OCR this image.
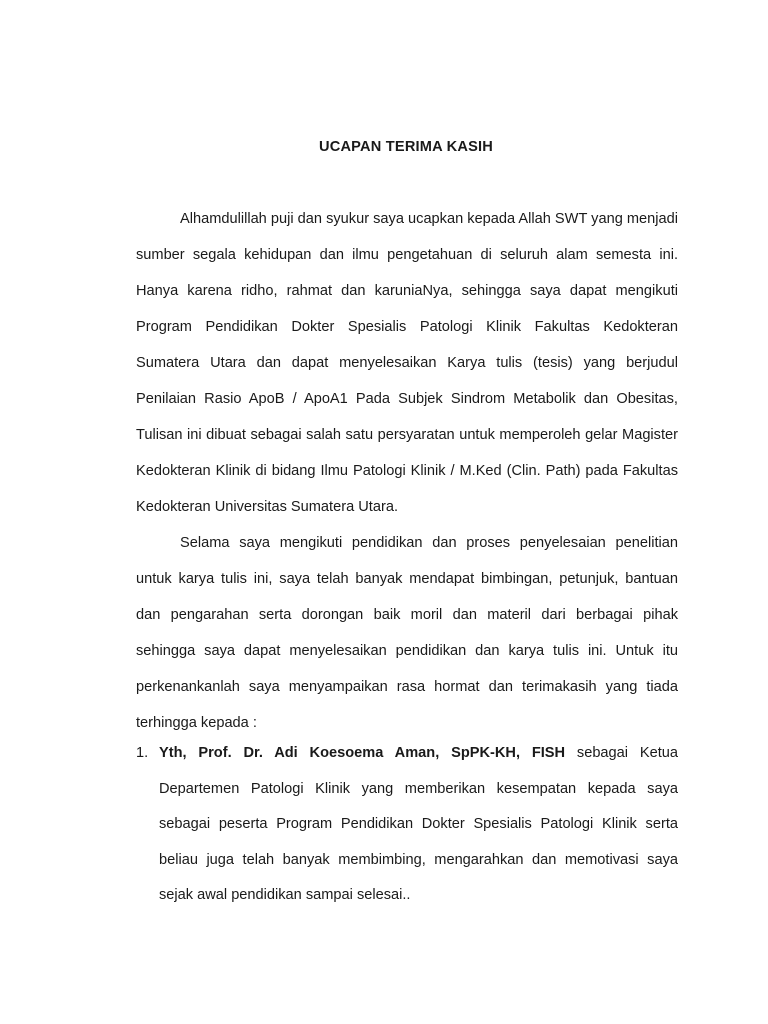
UCAPAN TERIMA KASIH

Alhamdulillah puji dan syukur saya ucapkan kepada Allah SWT yang menjadi sumber segala kehidupan dan ilmu pengetahuan di seluruh alam semesta ini. Hanya karena ridho, rahmat dan karuniaNya, sehingga saya dapat mengikuti Program Pendidikan Dokter Spesialis Patologi Klinik Fakultas Kedokteran Sumatera Utara dan dapat menyelesaikan Karya tulis (tesis) yang berjudul Penilaian Rasio ApoB / ApoA1 Pada Subjek Sindrom Metabolik dan Obesitas, Tulisan ini dibuat sebagai salah satu persyaratan untuk memperoleh gelar Magister Kedokteran Klinik di bidang Ilmu Patologi Klinik / M.Ked (Clin. Path) pada Fakultas Kedokteran Universitas Sumatera Utara.

Selama saya mengikuti pendidikan dan proses penyelesaian penelitian untuk karya tulis ini, saya telah banyak mendapat bimbingan, petunjuk, bantuan dan pengarahan serta dorongan baik moril dan materil dari berbagai pihak sehingga saya dapat menyelesaikan pendidikan dan karya tulis ini. Untuk itu perkenankanlah saya menyampaikan rasa hormat dan terimakasih yang tiada terhingga kepada :

1. Yth, Prof. Dr. Adi Koesoema Aman, SpPK-KH, FISH sebagai Ketua Departemen Patologi Klinik yang memberikan kesempatan kepada saya sebagai peserta Program Pendidikan Dokter Spesialis Patologi Klinik serta beliau juga telah banyak membimbing, mengarahkan dan memotivasi saya sejak awal pendidikan sampai selesai..
